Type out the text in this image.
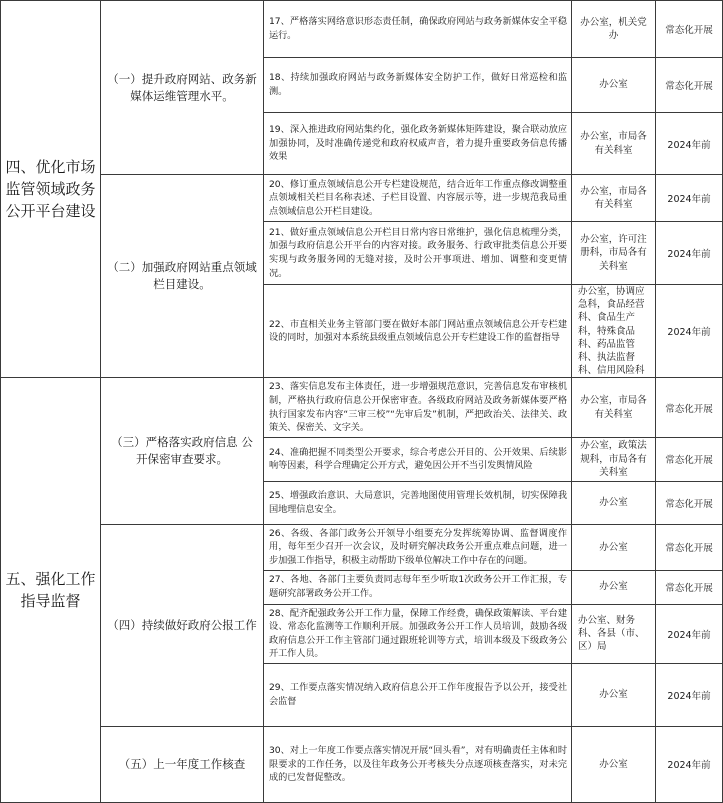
四、优化市场监管领域政务公开平台建设	（一）提升政府网站、政务新媒体运维管理水平。	17、严格落实网络意识形态责任制，确保政府网站与政务新媒体安全平稳运行。	办公室，机关党办	常态化开展
		18、持续加强政府网站与政务新媒体安全防护工作，做好日常巡检和监测。	办公室	常态化开展
		19、深入推进政府网站集约化，强化政务新媒体矩阵建设，聚合联动放应加强协同，及时准确传递党和政府权威声音，着力提升重要政务信息传播效果	办公室，市局各有关科室	2024年前
	（二）加强政府网站重点领域栏目建设。	20、修订重点领域信息公开专栏建设规范，结合近年工作重点修改调整重点领域相关栏目名称表述、子栏目设置、内容展示等，进一步规范我局重点领域信息公开栏目建设。	办公室，市局各有关科室	2024年前
		21、做好重点领域信息公开栏目日常内容日常维护，强化信息梳理分类，加强与政府信息公开平台的内容对接。政务服务、行政审批类信息公开要实现与政务服务网的无缝对接，及时公开事项进、增加、调整和变更情况。	办公室，许可注册科，市局各有关科室	2024年前
		22、市直相关业务主管部门要在做好本部门网站重点领域信息公开专栏建设的同时，加强对本系统县级重点领域信息公开专栏建设工作的监督指导	办公室，协调应急科，食品经营科、食品生产科，特殊食品科、药品监管科、执法监督科、信用风险科	2024年前
五、强化工作指导监督	（三）严格落实政府信息 公开保密审查要求。	23、落实信息发布主体责任，进一步增强规范意识，完善信息发布审核机制，严格执行政府信息公开保密审查。各级政府网站及政务新媒体要严格执行国家发布内容“三审三校”“先审后发”机制，严把政治关、法律关、政策关、保密关、文字关。	办公室，市局各有关科室	常态化开展
		24、准确把握不同类型公开要求，综合考虑公开目的、公开效果、后续影响等因素，科学合理确定公开方式，避免因公开不当引发舆情风险	办公室，政策法规科，市局各有关科室	常态化开展
		25、增强政治意识、大局意识，完善地图使用管理长效机制，切实保障我国地理信息安全。	办公室	常态化开展
	（四）持续做好政府公报工作	26、各级、各部门政务公开领导小组要充分发挥统筹协调、监督调度作用，每年至少召开一次会议，及时研究解决政务公开重点难点问题，进一步加强工作指导，积极主动帮助下级单位解决工作中存在的问题。	办公室	常态化开展
		27、各地、各部门主要负责同志每年至少听取1次政务公开工作汇报，专题研究部署政务公开工作。	办公室	常态化开展
		28、配齐配强政务公开工作力量，保障工作经费，确保政策解读、平台建设、常态化监测等工作顺利开展。加强政务公开工作人员培训，鼓励各级政府信息公开工作主管部门通过跟班轮训等方式，培训本级及下级政务公开工作人员。	办公室、财务科、各县（市、区）局	2024年前
		29、工作要点落实情况纳入政府信息公开工作年度报告予以公开，接受社会监督	办公室	2024年前
	（五）上一年度工作核查	30、对上一年度工作要点落实情况开展“回头看”，对有明确责任主体和时限要求的工作任务，以及往年政务公开考核失分点逐项核查落实，对未完成的已发督促整改。	办公室	2024年前
